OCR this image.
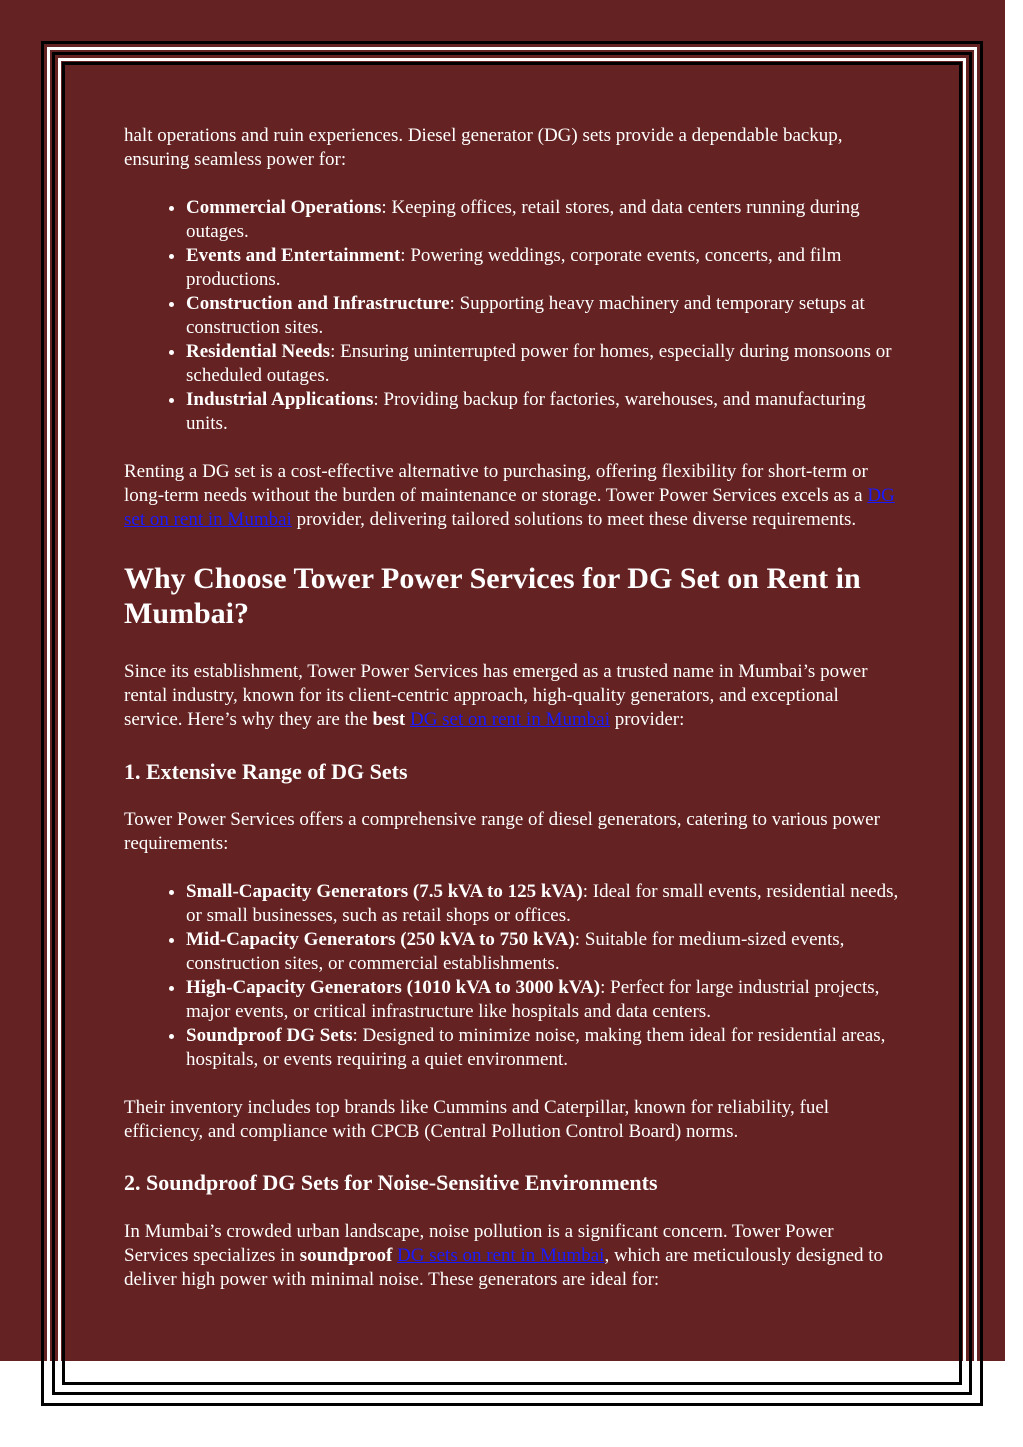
halt operations and ruin experiences. Diesel generator (DG) sets provide a dependable backup, ensuring seamless power for:

• Commercial Operations: Keeping offices, retail stores, and data centers running during outages.
• Events and Entertainment: Powering weddings, corporate events, concerts, and film productions.
• Construction and Infrastructure: Supporting heavy machinery and temporary setups at construction sites.
• Residential Needs: Ensuring uninterrupted power for homes, especially during monsoons or scheduled outages.
• Industrial Applications: Providing backup for factories, warehouses, and manufacturing units.

Renting a DG set is a cost-effective alternative to purchasing, offering flexibility for short-term or long-term needs without the burden of maintenance or storage. Tower Power Services excels as a DG set on rent in Mumbai provider, delivering tailored solutions to meet these diverse requirements.

Why Choose Tower Power Services for DG Set on Rent in Mumbai?

Since its establishment, Tower Power Services has emerged as a trusted name in Mumbai’s power rental industry, known for its client-centric approach, high-quality generators, and exceptional service. Here’s why they are the best DG set on rent in Mumbai provider:

1. Extensive Range of DG Sets

Tower Power Services offers a comprehensive range of diesel generators, catering to various power requirements:

• Small-Capacity Generators (7.5 kVA to 125 kVA): Ideal for small events, residential needs, or small businesses, such as retail shops or offices.
• Mid-Capacity Generators (250 kVA to 750 kVA): Suitable for medium-sized events, construction sites, or commercial establishments.
• High-Capacity Generators (1010 kVA to 3000 kVA): Perfect for large industrial projects, major events, or critical infrastructure like hospitals and data centers.
• Soundproof DG Sets: Designed to minimize noise, making them ideal for residential areas, hospitals, or events requiring a quiet environment.

Their inventory includes top brands like Cummins and Caterpillar, known for reliability, fuel efficiency, and compliance with CPCB (Central Pollution Control Board) norms.

2. Soundproof DG Sets for Noise-Sensitive Environments

In Mumbai’s crowded urban landscape, noise pollution is a significant concern. Tower Power Services specializes in soundproof DG sets on rent in Mumbai, which are meticulously designed to deliver high power with minimal noise. These generators are ideal for:
